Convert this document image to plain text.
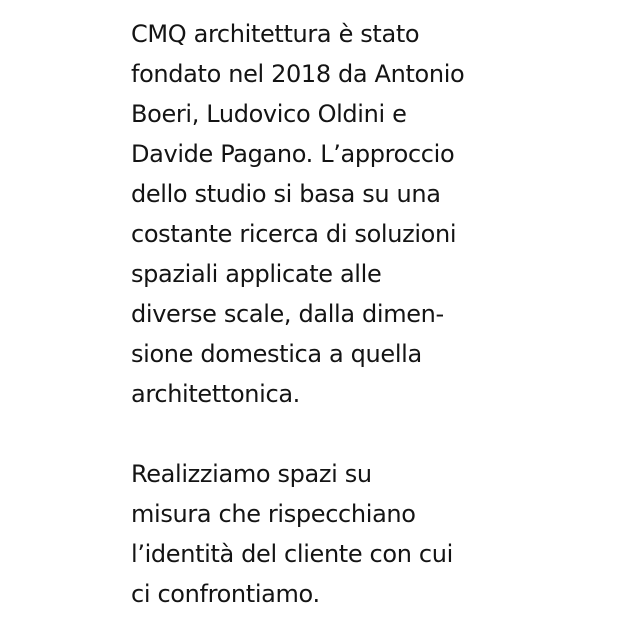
CMQ architettura è stato
fondato nel 2018 da Antonio
Boeri, Ludovico Oldini e
Davide Pagano. L’approccio
dello studio si basa su una
costante ricerca di soluzioni
spaziali applicate alle
diverse scale, dalla dimen-
sione domestica a quella
architettonica.

Realizziamo spazi su
misura che rispecchiano
l’identità del cliente con cui
ci confrontiamo.
